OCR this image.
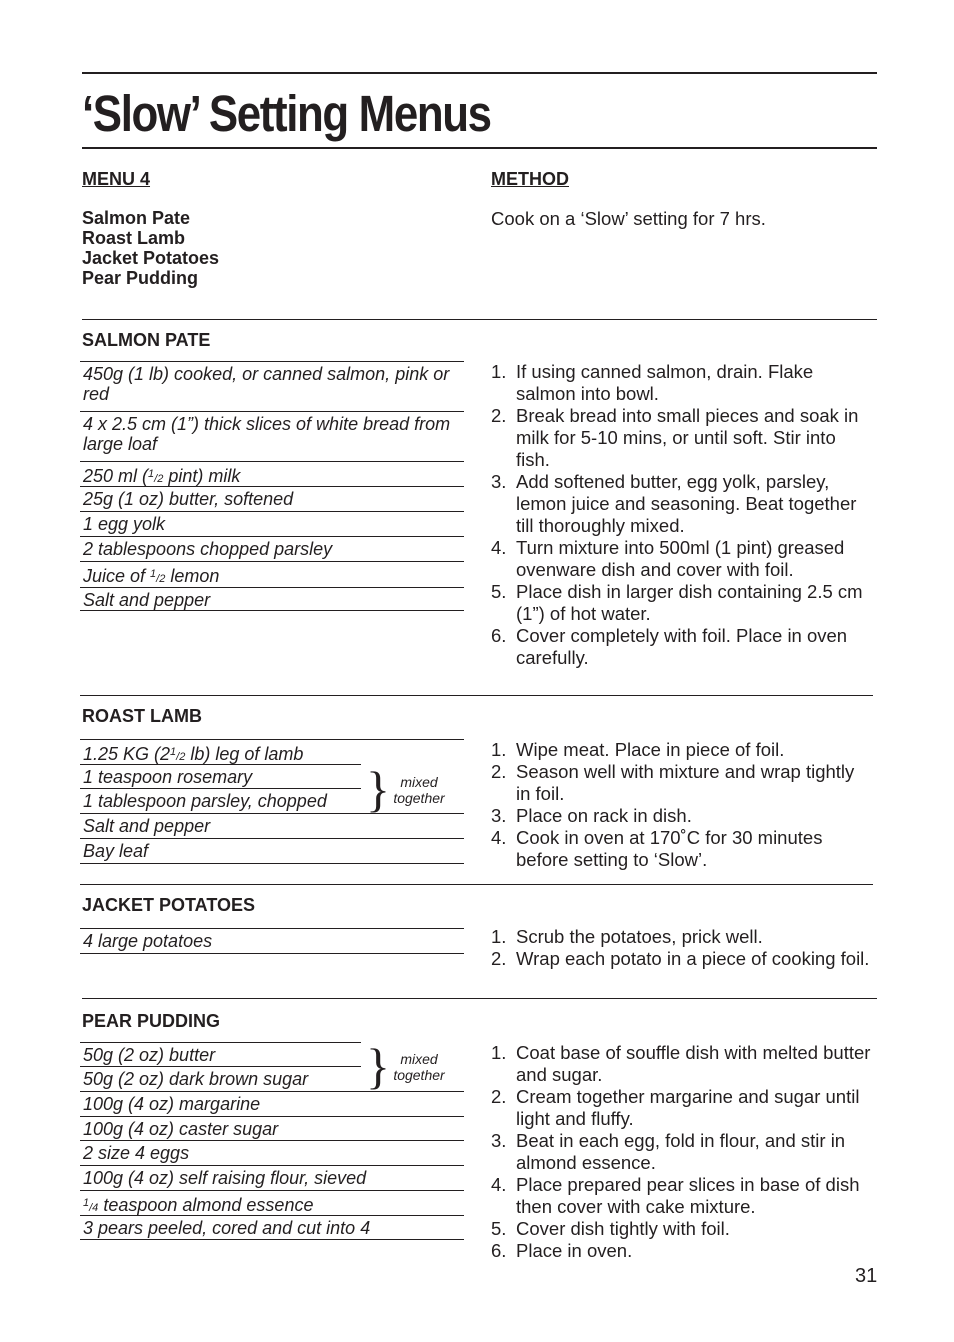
‘Slow’ Setting Menus
MENU 4	METHOD
Salmon Pate
Roast Lamb
Jacket Potatoes
Pear Pudding
Cook on a ‘Slow’ setting for 7 hrs.
SALMON PATE
450g (1 lb) cooked, or canned salmon, pink or red
4 x 2.5 cm (1”) thick slices of white bread from large loaf
250 ml ($^1$/2 pint) milk
25g (1 oz) butter, softened
1 egg yolk
2 tablespoons chopped parsley
Juice of $^1$/2 lemon
Salt and pepper
1. If using canned salmon, drain. Flake salmon into bowl.
2. Break bread into small pieces and soak in milk for 5-10 mins, or until soft. Stir into fish.
3. Add softened butter, egg yolk, parsley, lemon juice and seasoning. Beat together till thoroughly mixed.
4. Turn mixture into 500ml (1 pint) greased ovenware dish and cover with foil.
5. Place dish in larger dish containing 2.5 cm (1”) of hot water.
6. Cover completely with foil. Place in oven carefully.
ROAST LAMB
1.25 KG ($2^1/2$ lb) leg of lamb
1 teaspoon rosemary
1 tablespoon parsley, chopped
Salt and pepper
Bay leaf
} mixed together
1. Wipe meat. Place in piece of foil.
2. Season well with mixture and wrap tightly in foil.
3. Place on rack in dish.
4. Cook in oven at 170˚C for 30 minutes before setting to ‘Slow’.
JACKET POTATOES
4 large potatoes	1. Scrub the potatoes, prick well.
2. Wrap each potato in a piece of cooking foil.
PEAR PUDDING
50g (2 oz) butter
50g (2 oz) dark brown sugar
100g (4 oz) margarine
100g (4 oz) caster sugar
2 size 4 eggs
100g (4 oz) self raising flour, sieved
$^1$/4 teaspoon almond essence
3 pears peeled, cored and cut into 4
} mixed together
1. Coat base of souffle dish with melted butter and sugar.
2. Cream together margarine and sugar until light and fluffy.
3. Beat in each egg, fold in flour, and stir in almond essence.
4. Place prepared pear slices in base of dish then cover with cake mixture.
5. Cover dish tightly with foil.
6. Place in oven.
31
